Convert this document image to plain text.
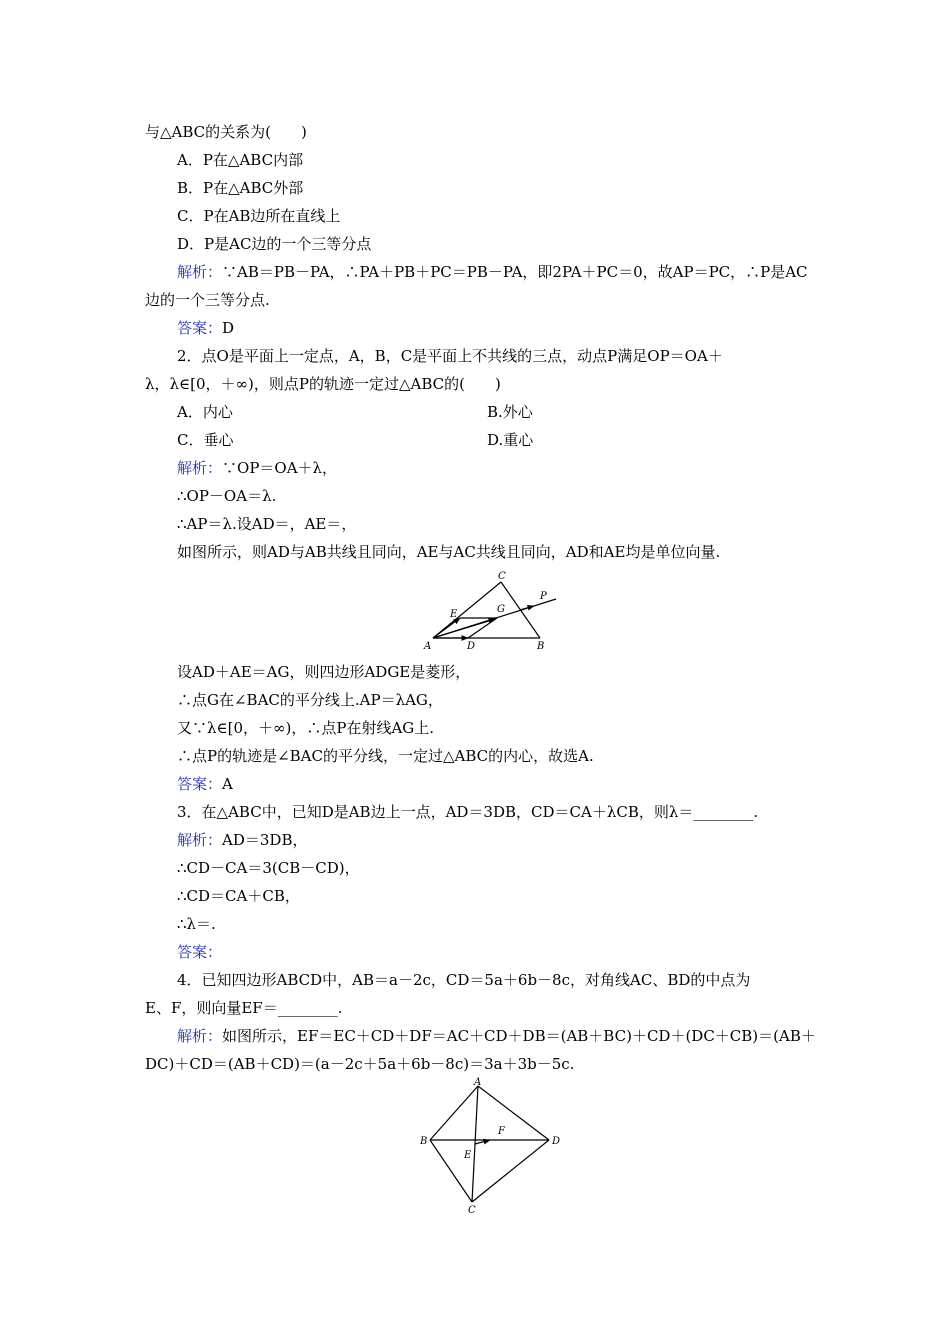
与△ABC的关系为(　　)
A．P在△ABC内部
B．P在△ABC外部
C．P在AB边所在直线上
D．P是AC边的一个三等分点
解析：∵AB＝PB－PA，∴PA＋PB＋PC＝PB－PA，即2PA＋PC＝0，故AP＝PC，∴P是AC
边的一个三等分点.
答案：D
2．点O是平面上一定点，A，B，C是平面上不共线的三点，动点P满足OP＝OA＋
λ，λ∈[0，＋∞)，则点P的轨迹一定过△ABC的(　　)
A．内心	B.外心
C．垂心	D.重心
解析：∵OP＝OA＋λ，
∴OP－OA＝λ.
∴AP＝λ.设AD＝，AE＝，
如图所示，则AD与AB共线且同向，AE与AC共线且同向，AD和AE均是单位向量.
A	B
C
D
E	G
P
设AD＋AE＝AG，则四边形ADGE是菱形，
∴点G在∠BAC的平分线上.AP＝λAG，
又∵λ∈[0，＋∞)，∴点P在射线AG上.
∴点P的轨迹是∠BAC的平分线，一定过△ABC的内心，故选A.
答案：A
3．在△ABC中，已知D是AB边上一点，AD＝3DB，CD＝CA＋λCB，则λ＝________.
解析：AD＝3DB，
∴CD－CA＝3(CB－CD)，
∴CD＝CA＋CB，
∴λ＝.
答案：
4．已知四边形ABCD中，AB＝a－2c，CD＝5a＋6b－8c，对角线AC、BD的中点为
E、F，则向量EF＝________.
解析：如图所示，EF＝EC＋CD＋DF＝AC＋CD＋DB＝(AB＋BC)＋CD＋(DC＋CB)＝(AB＋
DC)＋CD＝(AB＋CD)＝(a－2c＋5a＋6b－8c)＝3a＋3b－5c.
A
B
C
D
E
F
